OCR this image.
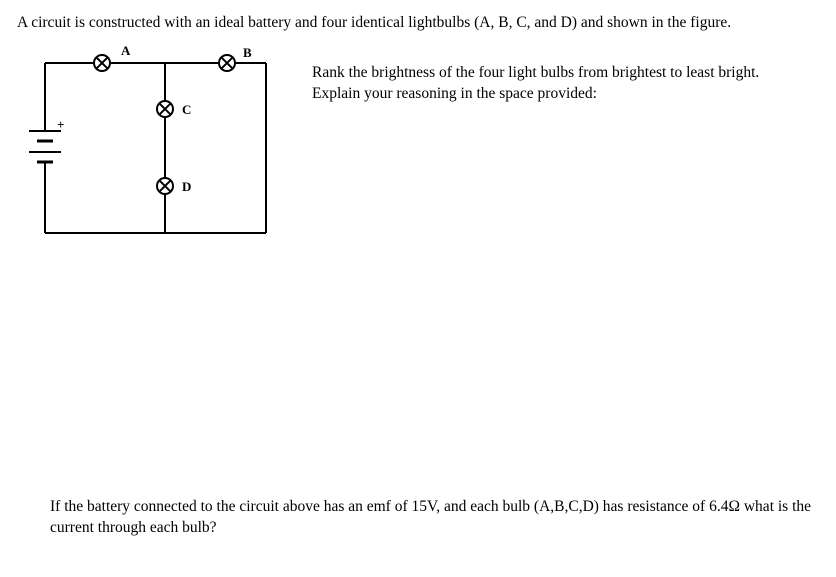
A circuit is constructed with an ideal battery and four identical lightbulbs (A, B, C, and D) and shown in the figure.

+
A	B
C
D

Rank the brightness of the four light bulbs from brightest to least bright. Explain your reasoning in the space provided:

If the battery connected to the circuit above has an emf of 15V, and each bulb (A,B,C,D) has resistance of 6.4Ω what is the current through each bulb?
